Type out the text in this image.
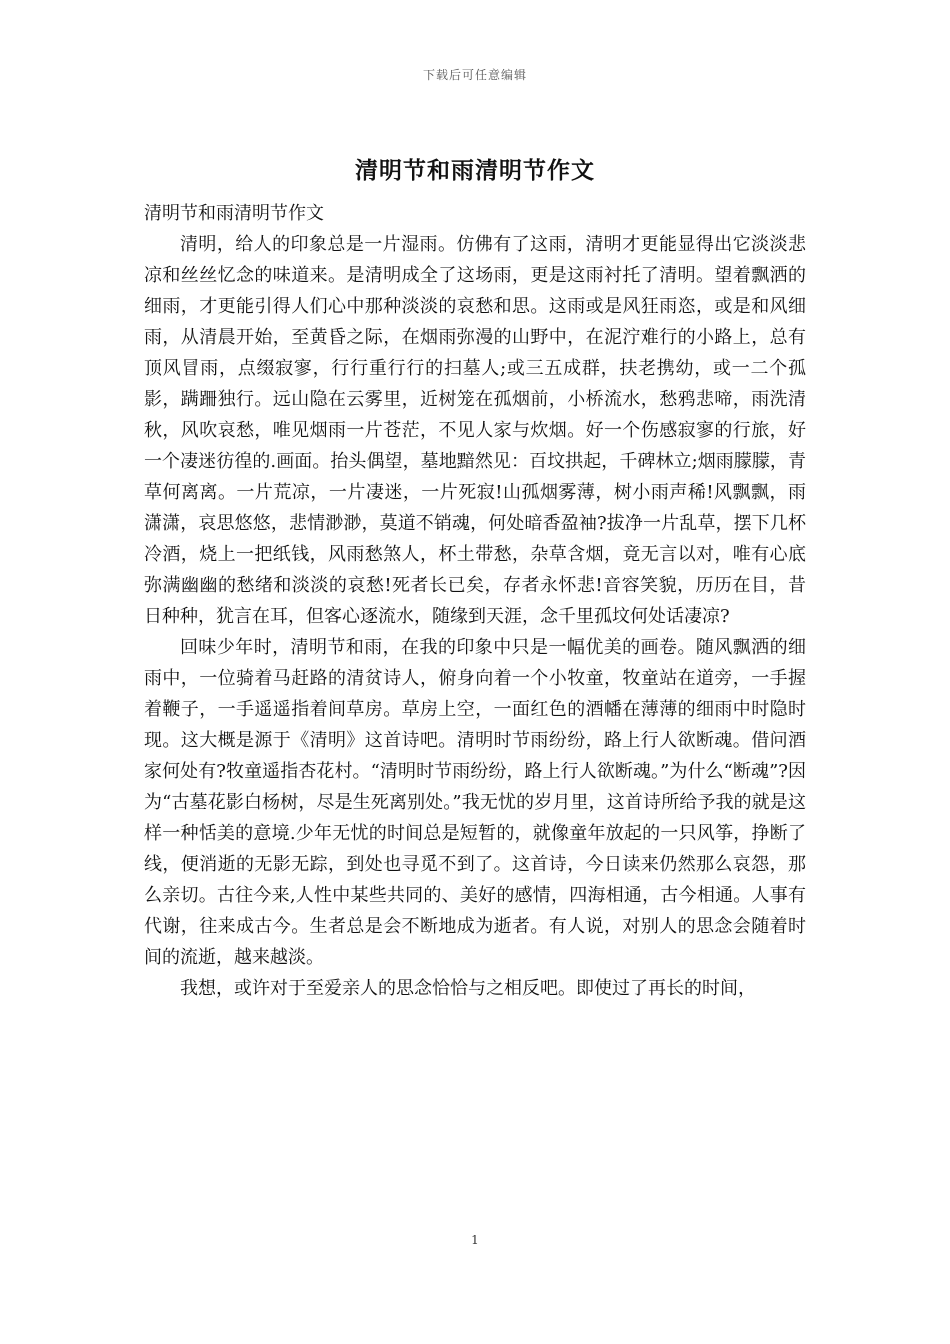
下载后可任意编辑
清明节和雨清明节作文

清明节和雨清明节作文

清明，给人的印象总是一片湿雨。仿佛有了这雨，清明才更能显得出它淡淡悲凉和丝丝忆念的味道来。是清明成全了这场雨，更是这雨衬托了清明。望着飘洒的细雨，才更能引得人们心中那种淡淡的哀愁和思。这雨或是风狂雨恣，或是和风细雨，从清晨开始，至黄昏之际，在烟雨弥漫的山野中，在泥泞难行的小路上，总有顶风冒雨，点缀寂寥，行行重行行的扫墓人;或三五成群，扶老携幼，或一二个孤影，蹒跚独行。远山隐在云雾里，近树笼在孤烟前，小桥流水，愁鸦悲啼，雨洗清秋，风吹哀愁，唯见烟雨一片苍茫，不见人家与炊烟。好一个伤感寂寥的行旅，好一个凄迷彷徨的.画面。抬头偶望，墓地黯然见：百坟拱起，千碑林立;烟雨朦朦，青草何离离。一片荒凉，一片凄迷，一片死寂!山孤烟雾薄，树小雨声稀!风飘飘，雨潇潇，哀思悠悠，悲情渺渺，莫道不销魂，何处暗香盈袖?拔净一片乱草，摆下几杯冷酒，烧上一把纸钱，风雨愁煞人，杯土带愁，杂草含烟，竟无言以对，唯有心底弥满幽幽的愁绪和淡淡的哀愁!死者长已矣，存者永怀悲!音容笑貌，历历在目，昔日种种，犹言在耳，但客心逐流水，随缘到天涯，念千里孤坟何处话凄凉?

回味少年时，清明节和雨，在我的印象中只是一幅优美的画卷。随风飘洒的细雨中，一位骑着马赶路的清贫诗人，俯身向着一个小牧童，牧童站在道旁，一手握着鞭子，一手遥遥指着间草房。草房上空，一面红色的酒幡在薄薄的细雨中时隐时现。这大概是源于《清明》这首诗吧。清明时节雨纷纷，路上行人欲断魂。借问酒家何处有?牧童遥指杏花村。“清明时节雨纷纷，路上行人欲断魂。”为什么“断魂”?因为“古墓花影白杨树，尽是生死离别处。”我无忧的岁月里，这首诗所给予我的就是这样一种恬美的意境.少年无忧的时间总是短暂的，就像童年放起的一只风筝，挣断了线，便消逝的无影无踪，到处也寻觅不到了。这首诗，今日读来仍然那么哀怨，那么亲切。古往今来,人性中某些共同的、美好的感情，四海相通，古今相通。人事有代谢，往来成古今。生者总是会不断地成为逝者。有人说，对别人的思念会随着时间的流逝，越来越淡。

我想，或许对于至爱亲人的思念恰恰与之相反吧。即使过了再长的时间，

1
